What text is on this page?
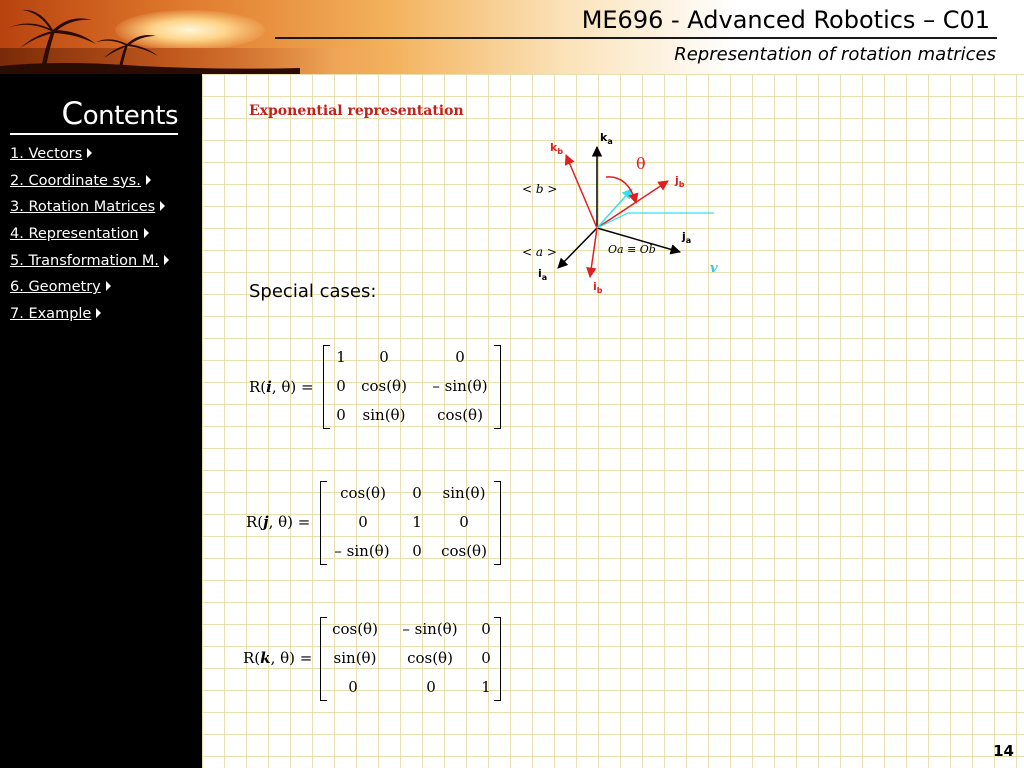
ME696 - Advanced Robotics – C01
Representation of rotation matrices
Contents
1. Vectors
2. Coordinate sys.
3. Rotation Matrices
4. Representation
5. Transformation M.
6. Geometry
7. Example
Exponential representation
$k_a$
$k_b$
θ
$j_b$
< b >
$j_a$
Oa ≡ Ob
< a >
v
$i_a$
$i_b$
Special cases:
R(i, θ) =
1	0	0
0	cos(θ)	– sin(θ)
0	sin(θ)	cos(θ)
R(j, θ) =
cos(θ)	0	sin(θ)
0	1	0
– sin(θ)	0	cos(θ)
R(k, θ) =
cos(θ)	– sin(θ)	0
sin(θ)	cos(θ)	0
0	0	1
14
